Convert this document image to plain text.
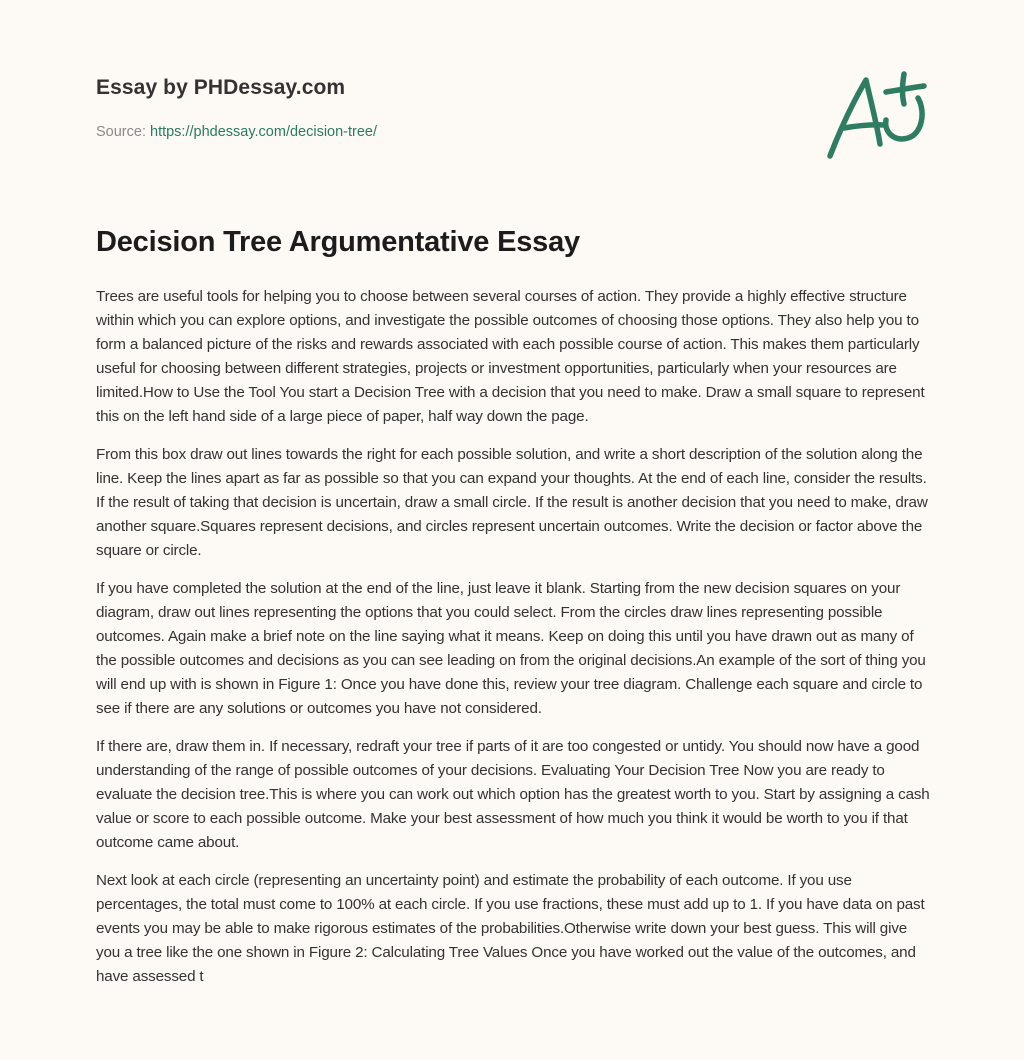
Essay by PHDessay.com
Source: https://phdessay.com/decision-tree/
Decision Tree Argumentative Essay

Trees are useful tools for helping you to choose between several courses of action. They provide a highly effective structure within which you can explore options, and investigate the possible outcomes of choosing those options. They also help you to form a balanced picture of the risks and rewards associated with each possible course of action. This makes them particularly useful for choosing between different strategies, projects or investment opportunities, particularly when your resources are limited.How to Use the Tool You start a Decision Tree with a decision that you need to make. Draw a small square to represent this on the left hand side of a large piece of paper, half way down the page.

From this box draw out lines towards the right for each possible solution, and write a short description of the solution along the line. Keep the lines apart as far as possible so that you can expand your thoughts. At the end of each line, consider the results. If the result of taking that decision is uncertain, draw a small circle. If the result is another decision that you need to make, draw another square.Squares represent decisions, and circles represent uncertain outcomes. Write the decision or factor above the square or circle.

If you have completed the solution at the end of the line, just leave it blank. Starting from the new decision squares on your diagram, draw out lines representing the options that you could select. From the circles draw lines representing possible outcomes. Again make a brief note on the line saying what it means. Keep on doing this until you have drawn out as many of the possible outcomes and decisions as you can see leading on from the original decisions.An example of the sort of thing you will end up with is shown in Figure 1: Once you have done this, review your tree diagram. Challenge each square and circle to see if there are any solutions or outcomes you have not considered.

If there are, draw them in. If necessary, redraft your tree if parts of it are too congested or untidy. You should now have a good understanding of the range of possible outcomes of your decisions. Evaluating Your Decision Tree Now you are ready to evaluate the decision tree.This is where you can work out which option has the greatest worth to you. Start by assigning a cash value or score to each possible outcome. Make your best assessment of how much you think it would be worth to you if that outcome came about.

Next look at each circle (representing an uncertainty point) and estimate the probability of each outcome. If you use percentages, the total must come to 100% at each circle. If you use fractions, these must add up to 1. If you have data on past events you may be able to make rigorous estimates of the probabilities.Otherwise write down your best guess. This will give you a tree like the one shown in Figure 2: Calculating Tree Values Once you have worked out the value of the outcomes, and have assessed t
